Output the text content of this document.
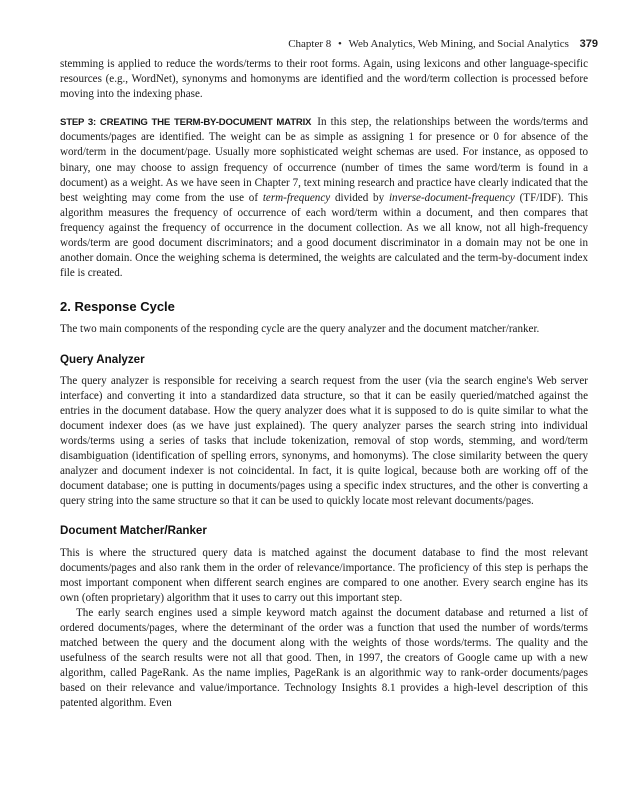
Chapter 8 • Web Analytics, Web Mining, and Social Analytics 379

stemming is applied to reduce the words/terms to their root forms. Again, using lexicons and other language-specific resources (e.g., WordNet), synonyms and homonyms are identified and the word/term collection is processed before moving into the indexing phase.

STEP 3: CREATING THE TERM-BY-DOCUMENT MATRIX In this step, the relationships between the words/terms and documents/pages are identified. The weight can be as simple as assigning 1 for presence or 0 for absence of the word/term in the document/page. Usually more sophisticated weight schemas are used. For instance, as opposed to binary, one may choose to assign frequency of occurrence (number of times the same word/term is found in a document) as a weight. As we have seen in Chapter 7, text mining research and practice have clearly indicated that the best weighting may come from the use of term-frequency divided by inverse-document-frequency (TF/IDF). This algorithm measures the frequency of occurrence of each word/term within a document, and then compares that frequency against the frequency of occurrence in the document collection. As we all know, not all high-frequency words/term are good document discriminators; and a good document discriminator in a domain may not be one in another domain. Once the weighing schema is determined, the weights are calculated and the term-by-document index file is created.

2. Response Cycle

The two main components of the responding cycle are the query analyzer and the document matcher/ranker.

Query Analyzer

The query analyzer is responsible for receiving a search request from the user (via the search engine's Web server interface) and converting it into a standardized data structure, so that it can be easily queried/matched against the entries in the document database. How the query analyzer does what it is supposed to do is quite similar to what the document indexer does (as we have just explained). The query analyzer parses the search string into individual words/terms using a series of tasks that include tokenization, removal of stop words, stemming, and word/term disambiguation (identification of spelling errors, synonyms, and homonyms). The close similarity between the query analyzer and document indexer is not coincidental. In fact, it is quite logical, because both are working off of the document database; one is putting in documents/pages using a specific index structures, and the other is converting a query string into the same structure so that it can be used to quickly locate most relevant documents/pages.

Document Matcher/Ranker

This is where the structured query data is matched against the document database to find the most relevant documents/pages and also rank them in the order of relevance/importance. The proficiency of this step is perhaps the most important component when different search engines are compared to one another. Every search engine has its own (often proprietary) algorithm that it uses to carry out this important step.

The early search engines used a simple keyword match against the document database and returned a list of ordered documents/pages, where the determinant of the order was a function that used the number of words/terms matched between the query and the document along with the weights of those words/terms. The quality and the usefulness of the search results were not all that good. Then, in 1997, the creators of Google came up with a new algorithm, called PageRank. As the name implies, PageRank is an algorithmic way to rank-order documents/pages based on their relevance and value/importance. Technology Insights 8.1 provides a high-level description of this patented algorithm. Even
